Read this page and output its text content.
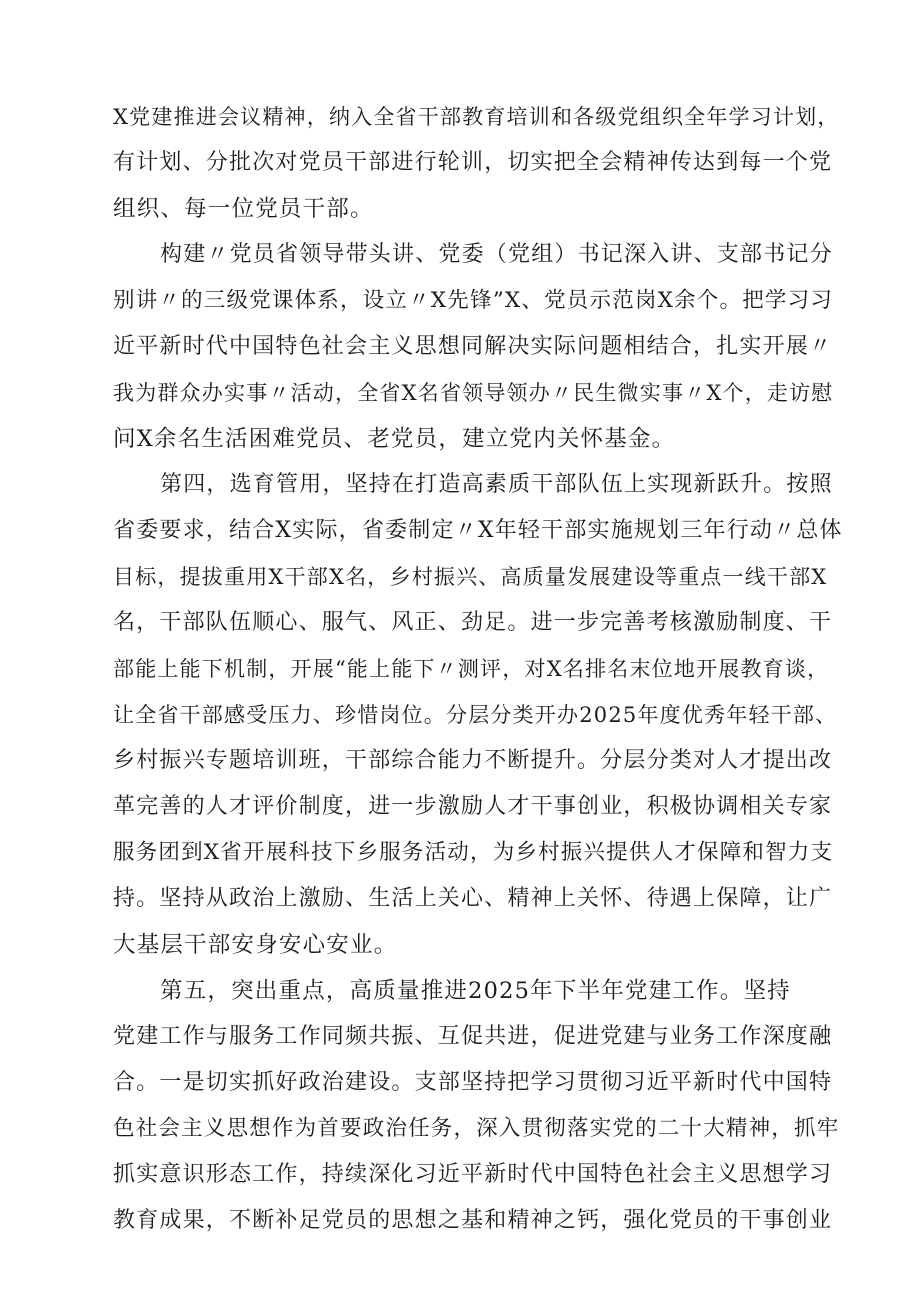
X党建推进会议精神，纳入全省干部教育培训和各级党组织全年学习计划，
有计划、分批次对党员干部进行轮训，切实把全会精神传达到每一个党
组织、每一位党员干部。
构建〃党员省领导带头讲、党委（党组）书记深入讲、支部书记分
别讲〃的三级党课体系，设立〃X先锋”X、党员示范岗X余个。把学习习
近平新时代中国特色社会主义思想同解决实际问题相结合，扎实开展〃
我为群众办实事〃活动，全省X名省领导领办〃民生微实事〃X个，走访慰
问X余名生活困难党员、老党员，建立党内关怀基金。
第四，选育管用，坚持在打造高素质干部队伍上实现新跃升。按照
省委要求，结合X实际，省委制定〃X年轻干部实施规划三年行动〃总体
目标，提拔重用X干部X名，乡村振兴、高质量发展建设等重点一线干部X
名，干部队伍顺心、服气、风正、劲足。进一步完善考核激励制度、干
部能上能下机制，开展“能上能下〃测评，对X名排名末位地开展教育谈，
让全省干部感受压力、珍惜岗位。分层分类开办2025年度优秀年轻干部、
乡村振兴专题培训班，干部综合能力不断提升。分层分类对人才提出改
革完善的人才评价制度，进一步激励人才干事创业，积极协调相关专家
服务团到X省开展科技下乡服务活动，为乡村振兴提供人才保障和智力支
持。坚持从政治上激励、生活上关心、精神上关怀、待遇上保障，让广
大基层干部安身安心安业。
第五，突出重点，高质量推进2025年下半年党建工作。坚持
党建工作与服务工作同频共振、互促共进，促进党建与业务工作深度融
合。一是切实抓好政治建设。支部坚持把学习贯彻习近平新时代中国特
色社会主义思想作为首要政治任务，深入贯彻落实党的二十大精神，抓牢
抓实意识形态工作，持续深化习近平新时代中国特色社会主义思想学习
教育成果，不断补足党员的思想之基和精神之钙，强化党员的干事创业
